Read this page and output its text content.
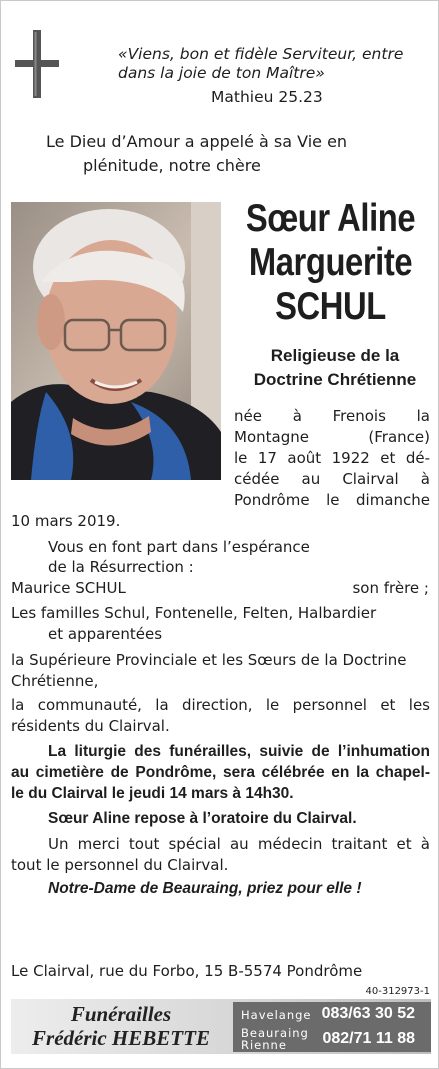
«Viens, bon et fidèle Serviteur, entre
dans la joie de ton Maître»
Mathieu 25.23
Le Dieu d’Amour a appelé à sa Vie en
plénitude, notre chère
Sœur Aline
Marguerite
SCHUL
Religieuse de la
Doctrine Chrétienne
née à Frenois la
Montagne (France)
le 17 août 1922 et dé-
cédée au Clairval à
Pondrôme le dimanche
10 mars 2019.
Vous en font part dans l’espérance
de la Résurrection :
Maurice SCHUL	son frère ;
Les familles Schul, Fontenelle, Felten, Halbardier
et apparentées
la Supérieure Provinciale et les Sœurs de la Doctrine Chrétienne,
la communauté, la direction, le personnel et les résidents du Clairval.
La liturgie des funérailles, suivie de l’inhumation
au cimetière de Pondrôme, sera célébrée en la chapel-
le du Clairval le jeudi 14 mars à 14h30.
Sœur Aline repose à l’oratoire du Clairval.
Un merci tout spécial au médecin traitant et à
tout le personnel du Clairval.
Notre-Dame de Beauraing, priez pour elle !
Le Clairval, rue du Forbo, 15 B-5574 Pondrôme
40-312973-1
Funérailles
Frédéric HEBETTE
Havelange 083/63 30 52
Beauraing
Rienne 082/71 11 88
